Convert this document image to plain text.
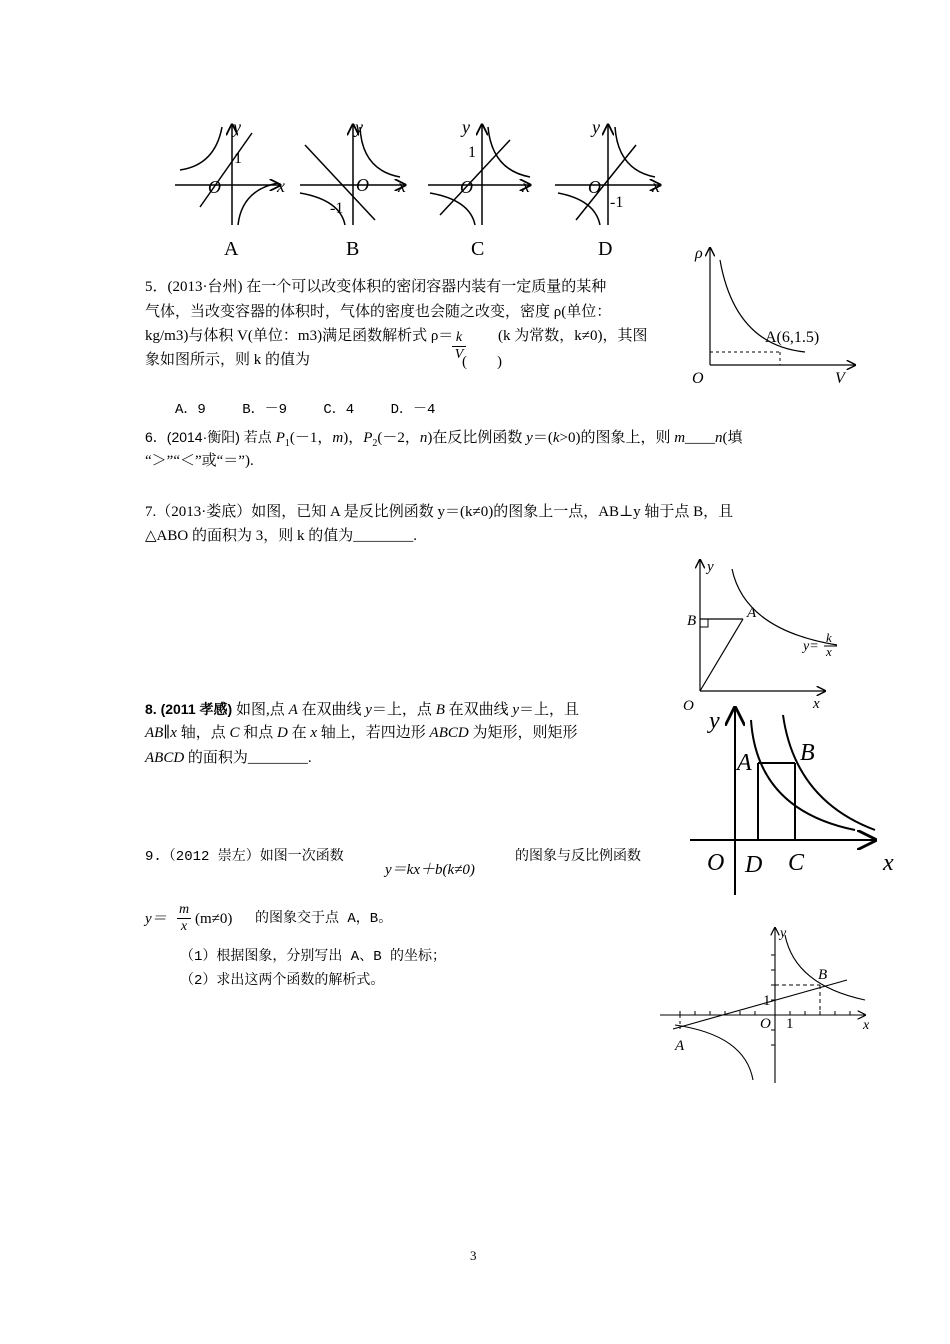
y
x
O
1
y
x
O
-1
y
x
O
1
y
x
O
-1
A	B	C	D
5．(2013·台州) 在一个可以改变体积的密闭容器内装有一定质量的某种
气体，当改变容器的体积时，气体的密度也会随之改变，密度 ρ(单位：
kg/m3)与体积 V(单位：m3)满足函数解析式 ρ＝
$\frac{k}{V} (k$ 为常数，k≠0)，其图
象如图所示，则 k 的值为	(　　)
A．9　　 B．－9　　 C．4　　 D．－4
ρ
V
O
A(6,1.5)
6．(2014·衡阳) 若点 $P_1(-1$，m)，$P_2(-2$，n)在反比例函数 y＝(k>0)的图象上，则 m____n(填
“＞”“＜”或“＝”).
7.（2013·娄底）如图，已知 A 是反比例函数 y＝(k≠0)的图象上一点，AB⊥y 轴于点 B，且
△ABO 的面积为 3，则 k 的值为________.
y
x
O
B	A
y=
k
x
8. (2011 孝感) 如图,点 A 在双曲线 y＝上，点 B 在双曲线 y＝上，且
AB∥x 轴，点 C 和点 D 在 x 轴上，若四边形 ABCD 为矩形，则矩形
ABCD 的面积为________.
y
x
O
A B
D C
9.（2012 崇左）如图一次函数
y＝kx＋b(k≠0)
的图象与反比例函数
$y= \frac{m}{x} (m\ne 0)$ 的图象交于点 A，B。
（1）根据图象，分别写出 A、B 的坐标；
（2）求出这两个函数的解析式。
y
x
O 1
1
B
A
3
